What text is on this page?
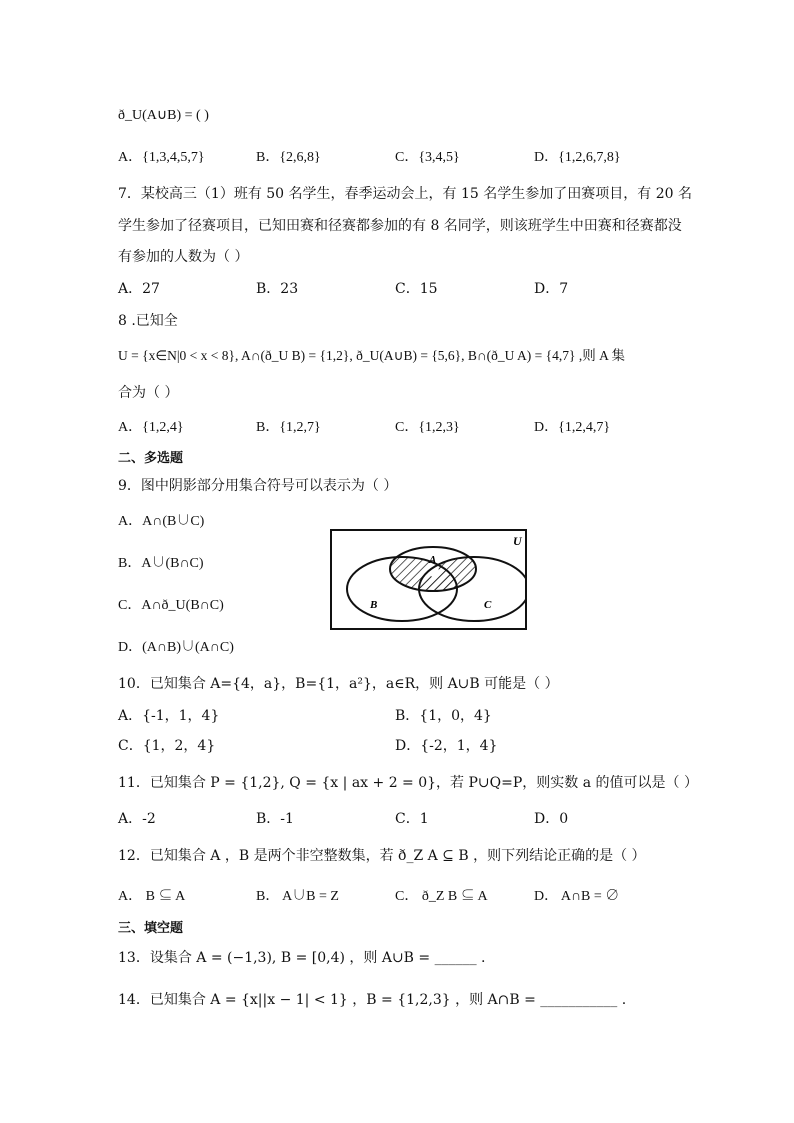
ð_U(A∪B) = ( )
A．{1,3,4,5,7}	B．{2,6,8}	C．{3,4,5}	D．{1,2,6,7,8}
7．某校高三（1）班有 50 名学生，春季运动会上，有 15 名学生参加了田赛项目，有 20 名
学生参加了径赛项目，已知田赛和径赛都参加的有 8 名同学，则该班学生中田赛和径赛都没
有参加的人数为（ ）
A．27	B．23	C．15	D．7
8 .已知全
U = {x∈N|0 < x < 8}, A∩(ð_U B) = {1,2}, ð_U(A∪B) = {5,6}, B∩(ð_U A) = {4,7} ,则 A 集
合为（ ）
A．{1,2,4}	B．{1,2,7}	C．{1,2,3}	D．{1,2,4,7}
二、多选题
9．图中阴影部分用集合符号可以表示为（ ）
A．A∩(B∪C)
B．A∪(B∩C)
C．A∩ð_U(B∩C)
D．(A∩B)∪(A∩C)
U
A
B	C
10．已知集合 A={4，a}，B={1，a²}，a∈R，则 A∪B 可能是（ ）
A．{-1，1，4}	B．{1，0，4}
C．{1，2，4}	D．{-2，1，4}
11．已知集合 P = {1,2}, Q = {x | ax + 2 = 0}，若 P∪Q=P，则实数 a 的值可以是（ ）
A．-2	B．-1	C．1	D．0
12．已知集合 A ，B 是两个非空整数集，若 ð_Z A ⊆ B ，则下列结论正确的是（ ）
A． B ⊆ A	B． A∪B = Z	C． ð_Z B ⊆ A	D． A∩B = ∅
三、填空题
13．设集合 A = (−1,3), B = [0,4) ，则 A∪B = ______ .
14．已知集合 A = {x||x − 1| < 1} ，B = {1,2,3} ，则 A∩B = ___________ .
